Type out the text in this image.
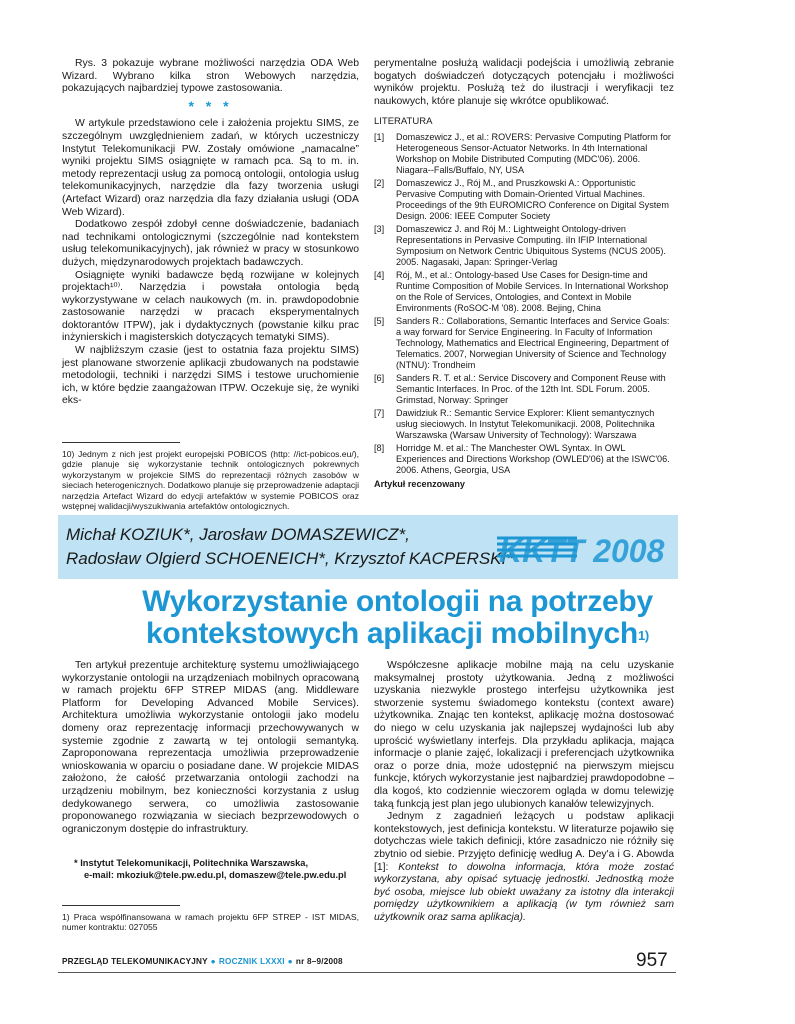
Rys. 3 pokazuje wybrane możliwości narzędzia ODA Web Wizard. Wybrano kilka stron Webowych narzędzia, pokazujących najbardziej typowe zastosowania.

* * *

W artykule przedstawiono cele i założenia projektu SIMS, ze szczególnym uwzględnieniem zadań, w których uczestniczy Instytut Telekomunikacji PW. Zostały omówione „namacalne” wyniki projektu SIMS osiągnięte w ramach pca. Są to m. in. metody reprezentacji usług za pomocą ontologii, ontologia usług telekomunikacyjnych, narzędzie dla fazy tworzenia usługi (Artefact Wizard) oraz narzędzia dla fazy działania usługi (ODA Web Wizard).

Dodatkowo zespół zdobył cenne doświadczenie, badaniach nad technikami ontologicznymi (szczególnie nad kontekstem usług telekomunikacyjnych), jak również w pracy w stosunkowo dużych, międzynarodowych projektach badawczych.

Osiągnięte wyniki badawcze będą rozwijane w kolejnych projektach¹⁰⁾. Narzędzia i powstała ontologia będą wykorzystywane w celach naukowych (m. in. prawdopodobnie zastosowanie narzędzi w pracach eksperymentalnych doktorantów ITPW), jak i dydaktycznych (powstanie kilku prac inżynierskich i magisterskich dotyczących tematyki SIMS).

W najbliższym czasie (jest to ostatnia faza projektu SIMS) jest planowane stworzenie aplikacji zbudowanych na podstawie metodologii, techniki i narzędzi SIMS i testowe uruchomienie ich, w które będzie zaangażowan ITPW. Oczekuje się, że wyniki eks-

10) Jednym z nich jest projekt europejski POBICOS (http: //ict-pobicos.eu/), gdzie planuje się wykorzystanie technik ontologicznych pokrewnych wykorzystanym w projekcie SIMS do reprezentacji różnych zasobów w sieciach heterogenicznych. Dodatkowo planuje się przeprowadzenie adaptacji narzędzia Artefact Wizard do edycji artefaktów w systemie POBICOS oraz wstępnej walidacji/wyszukiwania artefaktów ontologicznych.

perymentalne posłużą walidacji podejścia i umożliwią zebranie bogatych doświadczeń dotyczących potencjału i możliwości wyników projektu. Posłużą też do ilustracji i weryfikacji tez naukowych, które planuje się wkrótce opublikować.

LITERATURA
[1]	Domaszewicz J., et al.: ROVERS: Pervasive Computing Platform for Heterogeneous Sensor-Actuator Networks. In 4th International Workshop on Mobile Distributed Computing (MDC'06). 2006. Niagara--Falls/Buffalo, NY, USA
[2]	Domaszewicz J., Rój M., and Pruszkowski A.: Opportunistic Pervasive Computing with Domain-Oriented Virtual Machines. Proceedings of the 9th EUROMICRO Conference on Digital System Design. 2006: IEEE Computer Society
[3]	Domaszewicz J. and Rój M.: Lightweight Ontology-driven Representations in Pervasive Computing. iIn IFIP International Symposium on Network Centric Ubiquitous Systems (NCUS 2005). 2005. Nagasaki, Japan: Springer-Verlag
[4]	Rój, M., et al.: Ontology-based Use Cases for Design-time and Runtime Composition of Mobile Services. In International Workshop on the Role of Services, Ontologies, and Context in Mobile Environments (RoSOC-M '08). 2008. Bejing, China
[5]	Sanders R.: Collaborations, Semantic Interfaces and Service Goals: a way forward for Service Engineering. In Faculty of Information Technology, Mathematics and Electrical Engineering, Department of Telematics. 2007, Norwegian University of Science and Technology (NTNU): Trondheim
[6]	Sanders R. T. et al.: Service Discovery and Component Reuse with Semantic Interfaces. In Proc. of the 12th Int. SDL Forum. 2005. Grimstad, Norway: Springer
[7]	Dawidziuk R.: Semantic Service Explorer: Klient semantycznych usług sieciowych. In Instytut Telekomunikacji. 2008, Politechnika Warszawska (Warsaw University of Technology): Warszawa
[8]	Horridge M. et al.: The Manchester OWL Syntax. In OWL Experiences and Directions Workshop (OWLED'06) at the ISWC'06. 2006. Athens, Georgia, USA
Artykuł recenzowany
Michał KOZIUK*, Jarosław DOMASZEWICZ*,
Radosław Olgierd SCHOENEICH*, Krzysztof KACPERSKI*
KKTT 2008
Wykorzystanie ontologii na potrzeby
kontekstowych aplikacji mobilnych$^{1)}$

Ten artykuł prezentuje architekturę systemu umożliwiającego wykorzystanie ontologii na urządzeniach mobilnych opracowaną w ramach projektu 6FP STREP MIDAS (ang. Middleware Platform for Developing Advanced Mobile Services). Architektura umożliwia wykorzystanie ontologii jako modelu domeny oraz reprezentację informacji przechowywanych w systemie zgodnie z zawartą w tej ontologii semantyką. Zaproponowana reprezentacja umożliwia przeprowadzenie wnioskowania w oparciu o posiadane dane. W projekcie MIDAS założono, że całość przetwarzania ontologii zachodzi na urządzeniu mobilnym, bez konieczności korzystania z usług dedykowanego serwera, co umożliwia zastosowanie proponowanego rozwiązania w sieciach bezprzewodowych o ograniczonym dostępie do infrastruktury.

* Instytut Telekomunikacji, Politechnika Warszawska,
e-mail: mkoziuk@tele.pw.edu.pl, domaszew@tele.pw.edu.pl
1) Praca współfinansowana w ramach projektu 6FP STREP - IST MIDAS, numer kontraktu: 027055

Współczesne aplikacje mobilne mają na celu uzyskanie maksymalnej prostoty użytkowania. Jedną z możliwości uzyskania niezwykle prostego interfejsu użytkownika jest stworzenie systemu świadomego kontekstu (context aware) użytkownika. Znając ten kontekst, aplikację można dostosować do niego w celu uzyskania jak najlepszej wydajności lub aby uprościć wyświetlany interfejs. Dla przykładu aplikacja, mająca informacje o planie zajęć, lokalizacji i preferencjach użytkownika oraz o porze dnia, może udostępnić na pierwszym miejscu funkcje, których wykorzystanie jest najbardziej prawdopodobne – dla kogoś, kto codziennie wieczorem ogląda w domu telewizję taką funkcją jest plan jego ulubionych kanałów telewizyjnych.

Jednym z zagadnień leżących u podstaw aplikacji kontekstowych, jest definicja kontekstu. W literaturze pojawiło się dotychczas wiele takich definicji, które zasadniczo nie różniły się zbytnio od siebie. Przyjęto definicję według A. Dey'a i G. Abowda [1]: Kontekst to dowolna informacja, która może zostać wykorzystana, aby opisać sytuację jednostki. Jednostką może być osoba, miejsce lub obiekt uważany za istotny dla interakcji pomiędzy użytkownikiem a aplikacją (w tym również sam użytkownik oraz sama aplikacja).

PRZEGLĄD TELEKOMUNIKACYJNY ● ROCZNIK LXXXI ● nr 8–9/2008	957
